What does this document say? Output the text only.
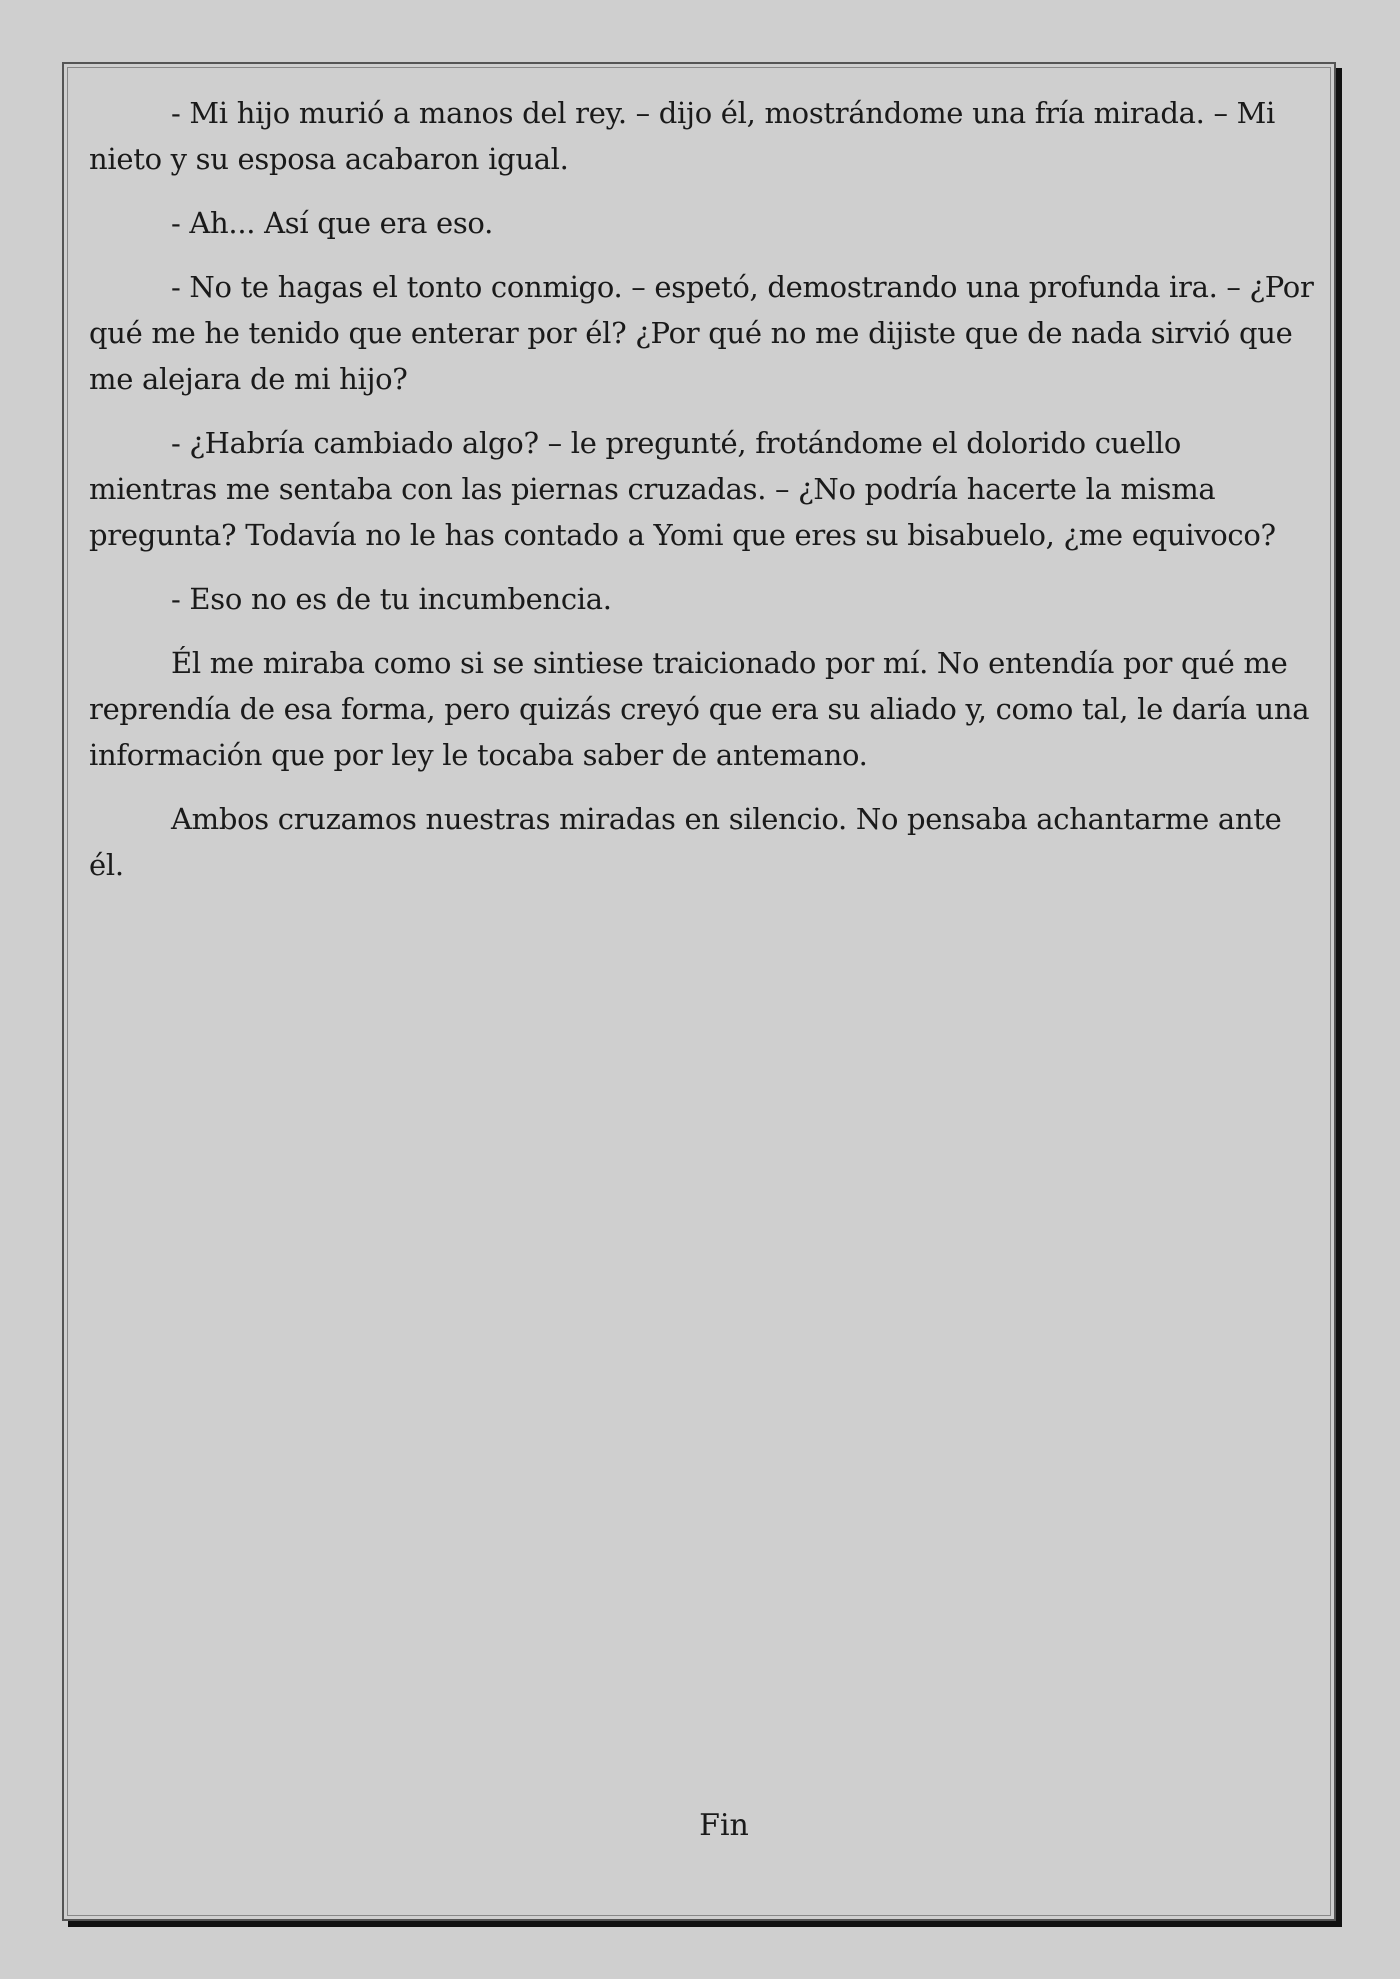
- Mi hijo murió a manos del rey. – dijo él, mostrándome una fría mirada. – Mi nieto y su esposa acabaron igual.

- Ah... Así que era eso.

- No te hagas el tonto conmigo. – espetó, demostrando una profunda ira. – ¿Por qué me he tenido que enterar por él? ¿Por qué no me dijiste que de nada sirvió que me alejara de mi hijo?

- ¿Habría cambiado algo? – le pregunté, frotándome el dolorido cuello mientras me sentaba con las piernas cruzadas. – ¿No podría hacerte la misma pregunta? Todavía no le has contado a Yomi que eres su bisabuelo, ¿me equivoco?

- Eso no es de tu incumbencia.

Él me miraba como si se sintiese traicionado por mí. No entendía por qué me reprendía de esa forma, pero quizás creyó que era su aliado y, como tal, le daría una información que por ley le tocaba saber de antemano.

Ambos cruzamos nuestras miradas en silencio. No pensaba achantarme ante él.

Fin
